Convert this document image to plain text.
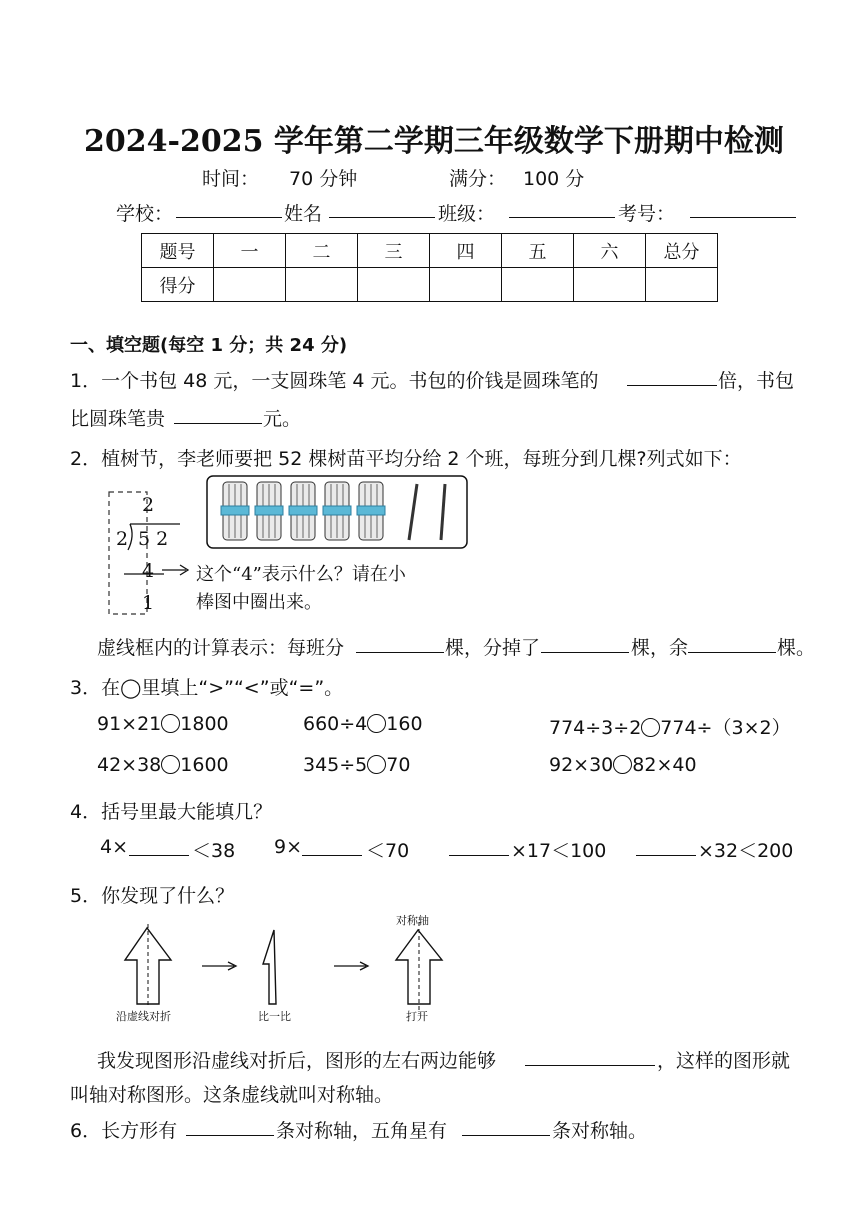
2024-2025 学年第二学期三年级数学下册期中检测
时间： 70 分钟	满分： 100 分
学校：	姓名	班级：	考号：
题号	一	二	三	四	五	六	总分
得分							
一、填空题(每空 1 分；共 24 分)
1．一个书包 48 元，一支圆珠笔 4 元。书包的价钱是圆珠笔的	倍，书包
比圆珠笔贵	元。
2．植树节，李老师要把 52 棵树苗平均分给 2 个班，每班分到几棵?列式如下：
2
2 5 2
4
1
这个“4”表示什么？请在小
棒图中圈出来。
虚线框内的计算表示：每班分	棵，分掉了	棵，余	棵。
3．在◯里填上“>”“<”或“=”。
91×21 1800	660÷4 160	774÷3÷2 774÷（3×2）
42×38 1600	345÷5 70	92×30 82×40
4．括号里最大能填几？
4×	＜38 9×	＜70	×17＜100	×32＜200
5．你发现了什么？
对称轴
沿虚线对折	比一比	打开
我发现图形沿虚线对折后，图形的左右两边能够	，这样的图形就
叫轴对称图形。这条虚线就叫对称轴。
6．长方形有	条对称轴，五角星有	条对称轴。
